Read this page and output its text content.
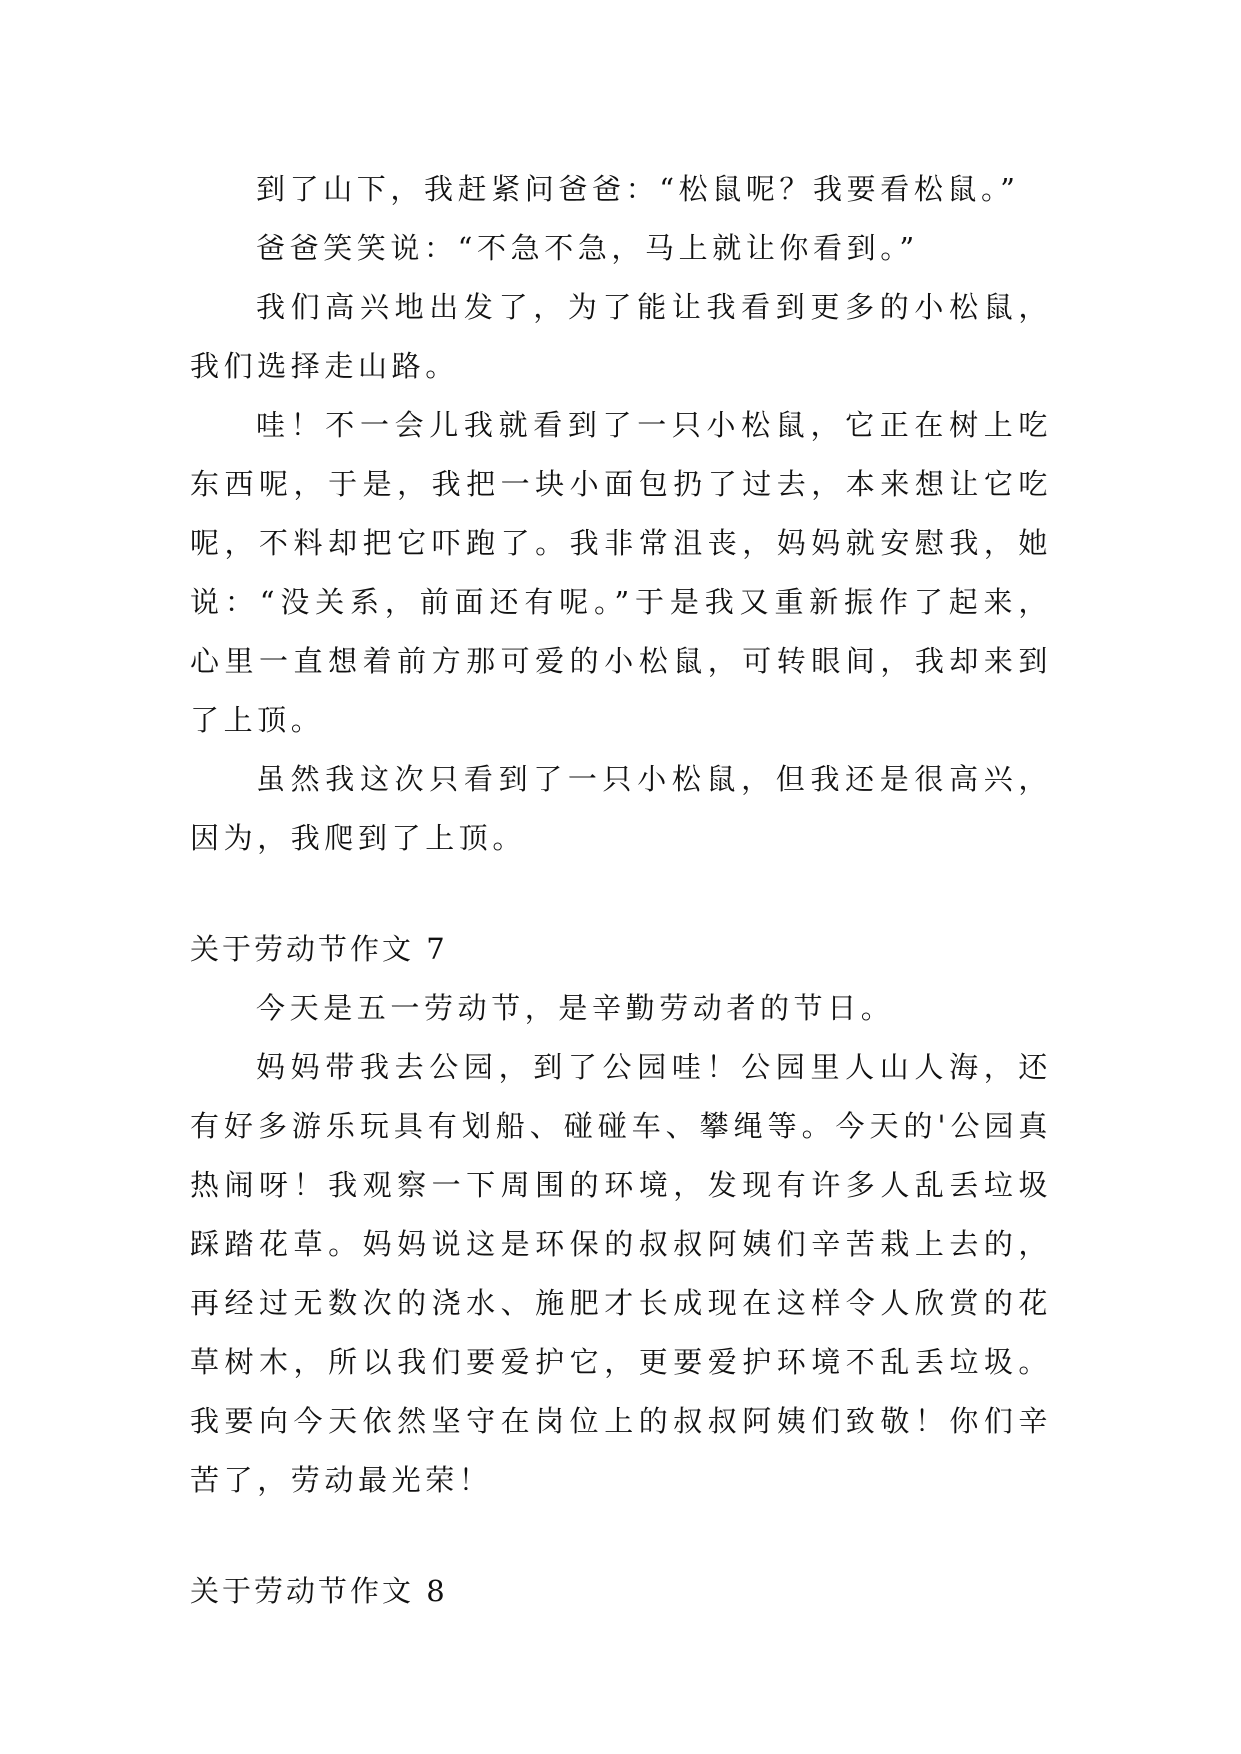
到了山下，我赶紧问爸爸：“松鼠呢？我要看松鼠。”

爸爸笑笑说：“不急不急，马上就让你看到。”

我们高兴地出发了，为了能让我看到更多的小松鼠，我们选择走山路。

哇！不一会儿我就看到了一只小松鼠，它正在树上吃东西呢，于是，我把一块小面包扔了过去，本来想让它吃呢，不料却把它吓跑了。我非常沮丧，妈妈就安慰我，她说：“没关系，前面还有呢。”于是我又重新振作了起来，心里一直想着前方那可爱的小松鼠，可转眼间，我却来到了上顶。

虽然我这次只看到了一只小松鼠，但我还是很高兴，因为，我爬到了上顶。

关于劳动节作文 7

今天是五一劳动节，是辛勤劳动者的节日。

妈妈带我去公园，到了公园哇！公园里人山人海，还有好多游乐玩具有划船、碰碰车、攀绳等。今天的'公园真热闹呀！我观察一下周围的环境，发现有许多人乱丢垃圾踩踏花草。妈妈说这是环保的叔叔阿姨们辛苦栽上去的，再经过无数次的浇水、施肥才长成现在这样令人欣赏的花草树木，所以我们要爱护它，更要爱护环境不乱丢垃圾。我要向今天依然坚守在岗位上的叔叔阿姨们致敬！你们辛苦了，劳动最光荣！

关于劳动节作文 8
